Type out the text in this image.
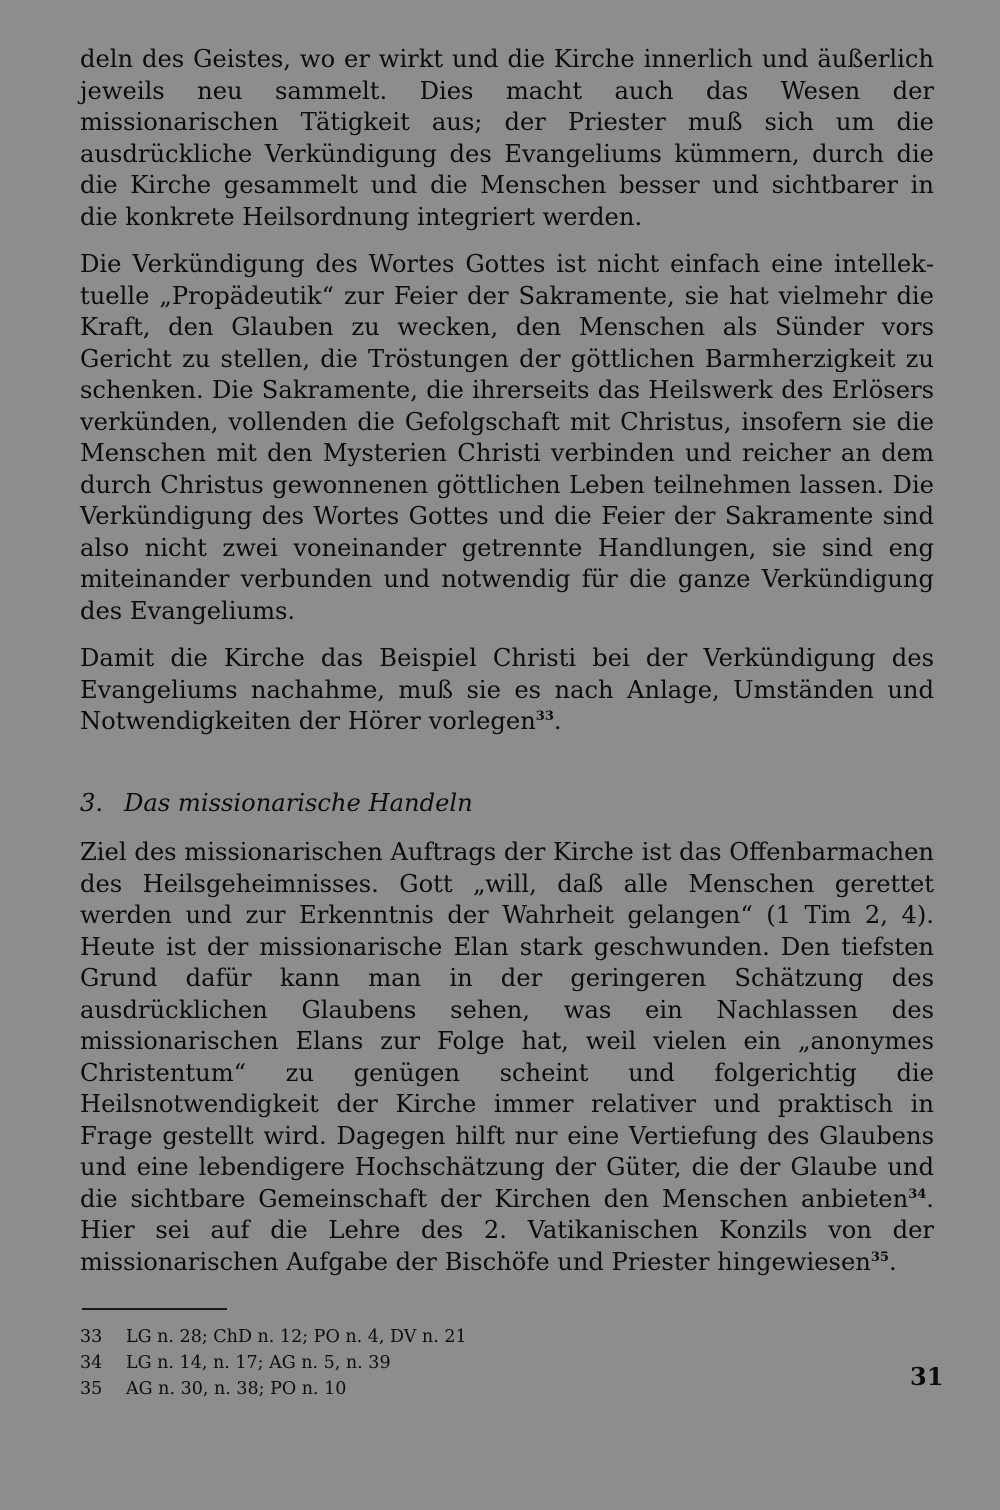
deln des Geistes, wo er wirkt und die Kirche innerlich und äußerlich jeweils neu sammelt. Dies macht auch das Wesen der missionarischen Tätigkeit aus; der Priester muß sich um die ausdrückliche Verkündigung des Evangeliums kümmern, durch die die Kirche gesammelt und die Menschen besser und sichtbarer in die konkrete Heilsordnung integriert werden.

Die Verkündigung des Wortes Gottes ist nicht einfach eine intellektuelle „Propädeutik“ zur Feier der Sakramente, sie hat vielmehr die Kraft, den Glauben zu wecken, den Menschen als Sünder vors Gericht zu stellen, die Tröstungen der göttlichen Barmherzigkeit zu schenken. Die Sakramente, die ihrerseits das Heilswerk des Erlösers verkünden, vollenden die Gefolgschaft mit Christus, insofern sie die Menschen mit den Mysterien Christi verbinden und reicher an dem durch Christus gewonnenen göttlichen Leben teilnehmen lassen. Die Verkündigung des Wortes Gottes und die Feier der Sakramente sind also nicht zwei voneinander getrennte Handlungen, sie sind eng miteinander verbunden und notwendig für die ganze Verkündigung des Evangeliums.

Damit die Kirche das Beispiel Christi bei der Verkündigung des Evangeliums nachahme, muß sie es nach Anlage, Umständen und Notwendigkeiten der Hörer vorlegen$^{33}$.

3. Das missionarische Handeln

Ziel des missionarischen Auftrags der Kirche ist das Offenbarmachen des Heilsgeheimnisses. Gott „will, daß alle Menschen gerettet werden und zur Erkenntnis der Wahrheit gelangen“ (1 Tim 2, 4). Heute ist der missionarische Elan stark geschwunden. Den tiefsten Grund dafür kann man in der geringeren Schätzung des ausdrücklichen Glaubens sehen, was ein Nachlassen des missionarischen Elans zur Folge hat, weil vielen ein „anonymes Christentum“ zu genügen scheint und folgerichtig die Heilsnotwendigkeit der Kirche immer relativer und praktisch in Frage gestellt wird. Dagegen hilft nur eine Vertiefung des Glaubens und eine lebendigere Hochschätzung der Güter, die der Glaube und die sichtbare Gemeinschaft der Kirchen den Menschen anbieten$^{34}$. Hier sei auf die Lehre des 2. Vatikanischen Konzils von der missionarischen Aufgabe der Bischöfe und Priester hingewiesen$^{35}$.

33 LG n. 28; ChD n. 12; PO n. 4, DV n. 21

34 LG n. 14, n. 17; AG n. 5, n. 39

35 AG n. 30, n. 38; PO n. 10	31
